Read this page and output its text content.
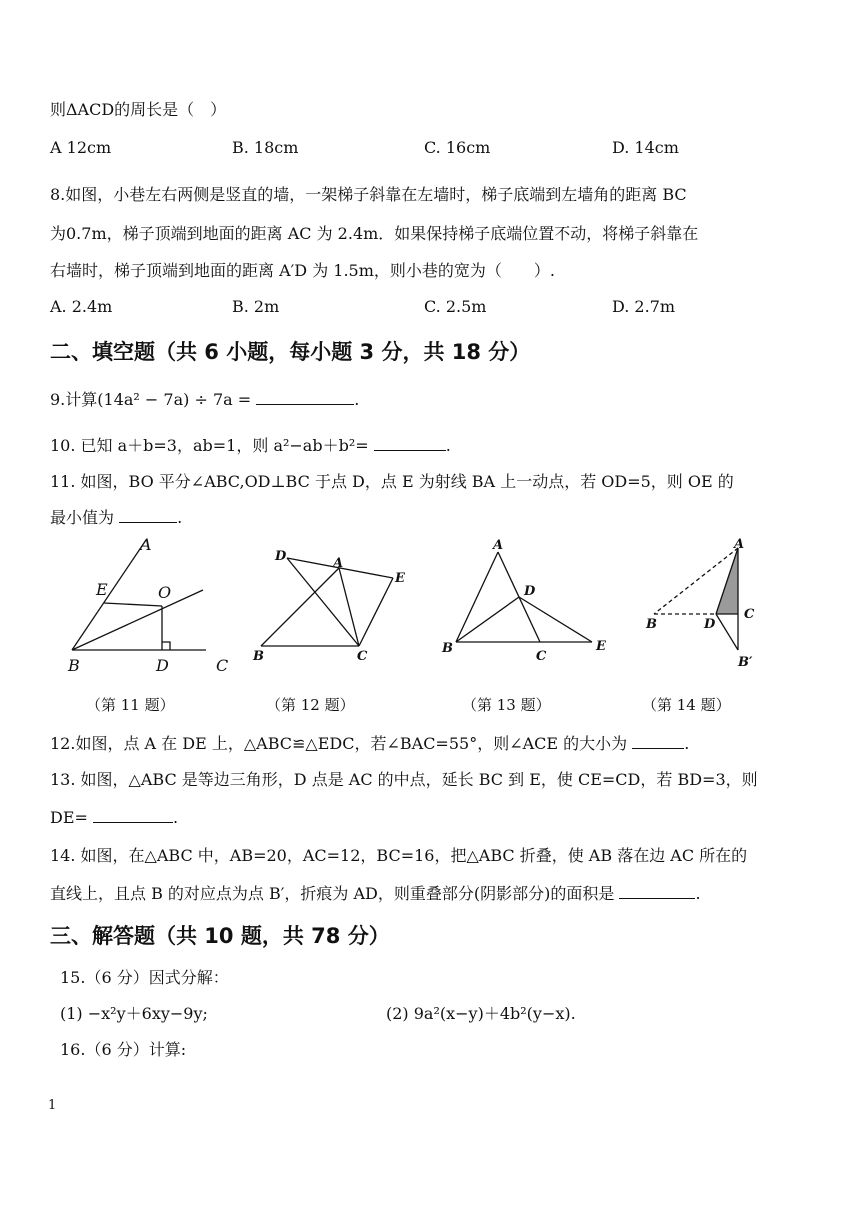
则ΔACD的周长是（　）
A 12cm	B. 18cm	C. 16cm	D. 14cm
8.如图，小巷左右两侧是竖直的墙，一架梯子斜靠在左墙时，梯子底端到左墙角的距离 BC
为0.7m，梯子顶端到地面的距离 AC 为 2.4m．如果保持梯子底端位置不动，将梯子斜靠在
右墙时，梯子顶端到地面的距离 A′D 为 1.5m，则小巷的宽为（　　）.
A. 2.4m	B. 2m	C. 2.5m	D. 2.7m
二、填空题（共 6 小题，每小题 3 分，共 18 分）
9.计算(14a² − 7a) ÷ 7a =	.
10. 已知 a＋b=3，ab=1，则 a²−ab＋b²=	.
11. 如图，BO 平分∠ABC,OD⊥BC 于点 D，点 E 为射线 BA 上一动点，若 OD=5，则 OE 的
最小值为	.
A
E	O
B	D	C
D	A
E
B	C
A
D
B
C
E
A
B	D
C
B′
（第 11 题）	（第 12 题）	（第 13 题）	（第 14 题）
12.如图，点 A 在 DE 上，△ABC≌△EDC，若∠BAC=55°，则∠ACE 的大小为	.
13. 如图，△ABC 是等边三角形，D 点是 AC 的中点，延长 BC 到 E，使 CE=CD，若 BD=3，则
DE=	.
14. 如图，在△ABC 中，AB=20，AC=12，BC=16，把△ABC 折叠，使 AB 落在边 AC 所在的
直线上，且点 B 的对应点为点 B′，折痕为 AD，则重叠部分(阴影部分)的面积是	.
三、解答题（共 10 题，共 78 分）
15.（6 分）因式分解：
(1) −x²y＋6xy−9y;	(2) 9a²(x−y)＋4b²(y−x).
16.（6 分）计算:
1
